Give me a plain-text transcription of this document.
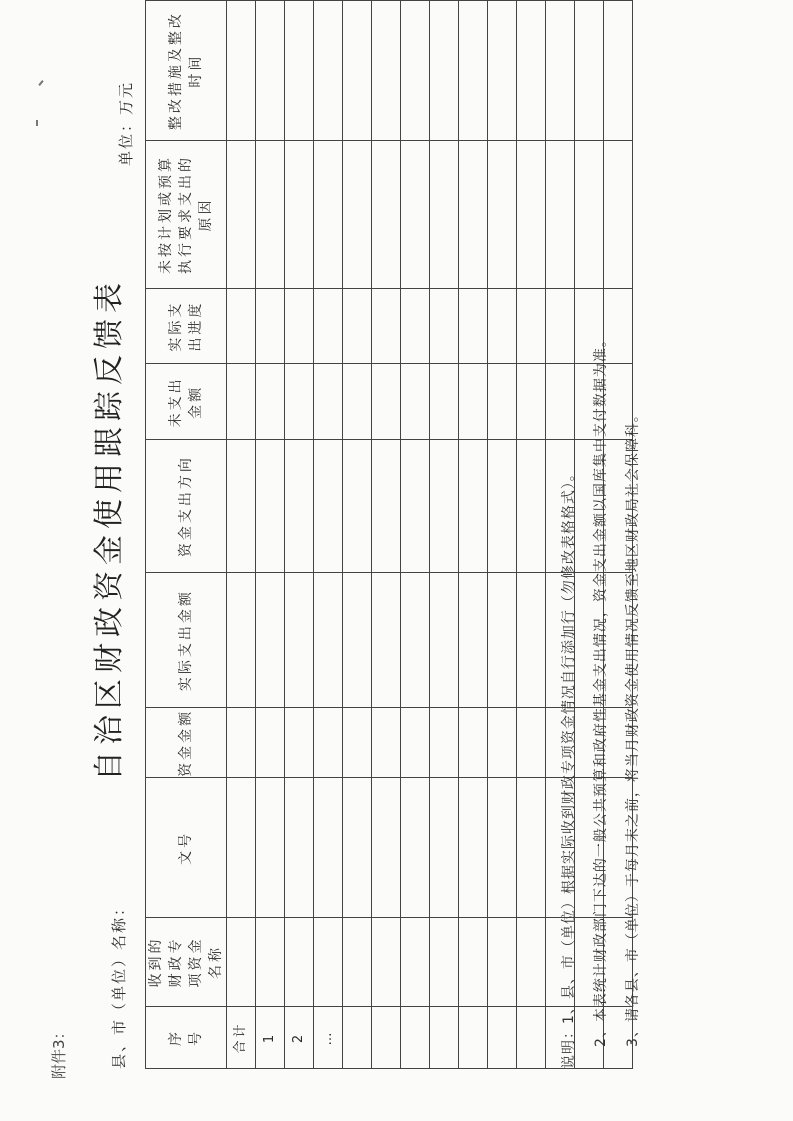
附件3：
自治区财政资金使用跟踪反馈表
县、市（单位）名称：
单位：万元
序号	收到的财政专项资金名称	文号	资金金额	实际支出金额	资金支出方向	未支出金额	实际支出进度	未按计划或预算执行要求支出的原因	整改措施及整改时间
合计									
1									
2									
…									

										说明：1、县、市（单位）根据实际收到财政专项资金情况自行添加行（勿修改表格格式）。 2、本表统计财政部门下达的一般公共预算和政府性基金支出情况，资金支出金额以国库集中支付数据为准。 3、请各县、市（单位）于每月末之前，将当月财政资金使用情况反馈至地区财政局社会保障科。
